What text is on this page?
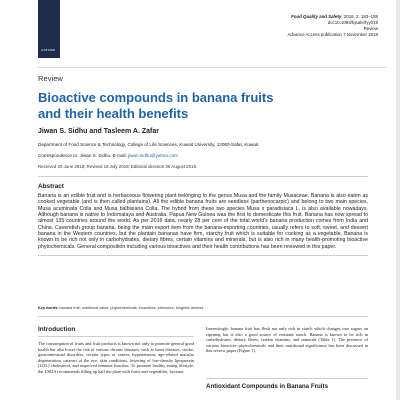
OXFORD
Food Quality and Safety, 2018, 2, 183–188
doi:10.1093/fqsafe/fyy019
Review
Advance Access publication 7 November 2018
Review
Bioactive compounds in banana fruits and their health benefits
Jiwan S. Sidhu and Tasleem A. Zafar
Department of Food Science & Technology, College of Life Sciences, Kuwait University, 13060-Safat, Kuwait
Correspondence to: Jiwan S. Sidhu. E-mail: jiwan.sidhu@yahoo.com
Received 20 June 2018; Revised 16 July 2018; Editorial decision 30 August 2018.
Abstract
Banana is an edible fruit and is herbaceous flowering plant belonging to the genus Musa and the family Musaceae. Banana is also eaten as cooked vegetable (and is then called plantains). All the edible banana fruits are seedless (parthenocarpic) and belong to two main species, Musa acuminata Colla and Musa balbisiana Colla. The hybrid from these two species Musa x paradisiaca L. is also available nowadays. Although banana is native to Indomalaya and Australia, Papua New Guinea was the first to domesticate this fruit. Banana has now spread to almost 135 countries around the world. As per 2016 data, nearly 28 per cent of the total world's banana production comes from India and China. Cavendish group banana, being the main export item from the banana-exporting countries, usually refers to soft, sweet, and dessert banana in the Western countries, but the plantain bananas have firm, starchy fruit which is suitable for cooking as a vegetable. Banana is known to be rich not only in carbohydrates, dietary fibres, certain vitamins and minerals, but is also rich in many health-promoting bioactive phytochemicals. General composition including various bioactives and their health contributions has been reviewed in this paper.
Key words: banana fruit; nutritional value; phytochemicals; bioactives; phenolics; biogenic amines.
Introduction
The consumption of fruits and fruit products is known not only to promote general good health but also lower the risk of various chronic diseases, such as heart diseases, stroke, gastrointestinal disorders, certain types of cancer, hypertension, age-related macular degeneration, cataract of the eye, skin conditions, lowering of low-density lipoprotein (LDL) cholesterol, and improved immune function. To promote healthy eating lifestyle, the USDA recommends filling up half the plate with fruits and vegetables, because
Interestingly, banana fruit has flesh not only rich in starch which changes into sugars on ripening but is also a good source of resistant starch. Banana is known to be rich in carbohydrates, dietary fibres, certain vitamins, and minerals (Table 1). The presence of various bioactive phytochemicals and their nutritional significance has been discussed in this review paper (Figure 1).
Antioxidant Compounds in Banana Fruits
